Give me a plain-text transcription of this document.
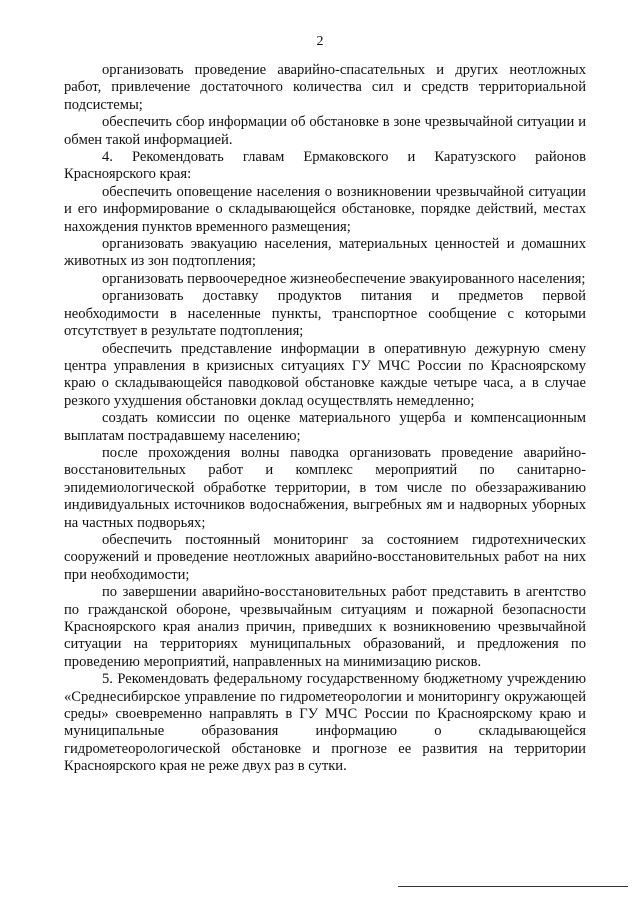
2

организовать проведение аварийно-спасательных и других неотложных работ, привлечение достаточного количества сил и средств территориальной подсистемы;

обеспечить сбор информации об обстановке в зоне чрезвычайной ситуации и обмен такой информацией.

4. Рекомендовать главам Ермаковского и Каратузского районов Красноярского края:

обеспечить оповещение населения о возникновении чрезвычайной ситуации и его информирование о складывающейся обстановке, порядке действий, местах нахождения пунктов временного размещения;

организовать эвакуацию населения, материальных ценностей и домашних животных из зон подтопления;

организовать первоочередное жизнеобеспечение эвакуированного населения;

организовать доставку продуктов питания и предметов первой необходимости в населенные пункты, транспортное сообщение с которыми отсутствует в результате подтопления;

обеспечить представление информации в оперативную дежурную смену центра управления в кризисных ситуациях ГУ МЧС России по Красноярскому краю о складывающейся паводковой обстановке каждые четыре часа, а в случае резкого ухудшения обстановки доклад осуществлять немедленно;

создать комиссии по оценке материального ущерба и компенсационным выплатам пострадавшему населению;

после прохождения волны паводка организовать проведение аварийно-восстановительных работ и комплекс мероприятий по санитарно-эпидемиологической обработке территории, в том числе по обеззараживанию индивидуальных источников водоснабжения, выгребных ям и надворных уборных на частных подворьях;

обеспечить постоянный мониторинг за состоянием гидротехнических сооружений и проведение неотложных аварийно-восстановительных работ на них при необходимости;

по завершении аварийно-восстановительных работ представить в агентство по гражданской обороне, чрезвычайным ситуациям и пожарной безопасности Красноярского края анализ причин, приведших к возникновению чрезвычайной ситуации на территориях муниципальных образований, и предложения по проведению мероприятий, направленных на минимизацию рисков.

5. Рекомендовать федеральному государственному бюджетному учреждению «Среднесибирское управление по гидрометеорологии и мониторингу окружающей среды» своевременно направлять в ГУ МЧС России по Красноярскому краю и муниципальные образования информацию о складывающейся гидрометеорологической обстановке и прогнозе ее развития на территории Красноярского края не реже двух раз в сутки.
